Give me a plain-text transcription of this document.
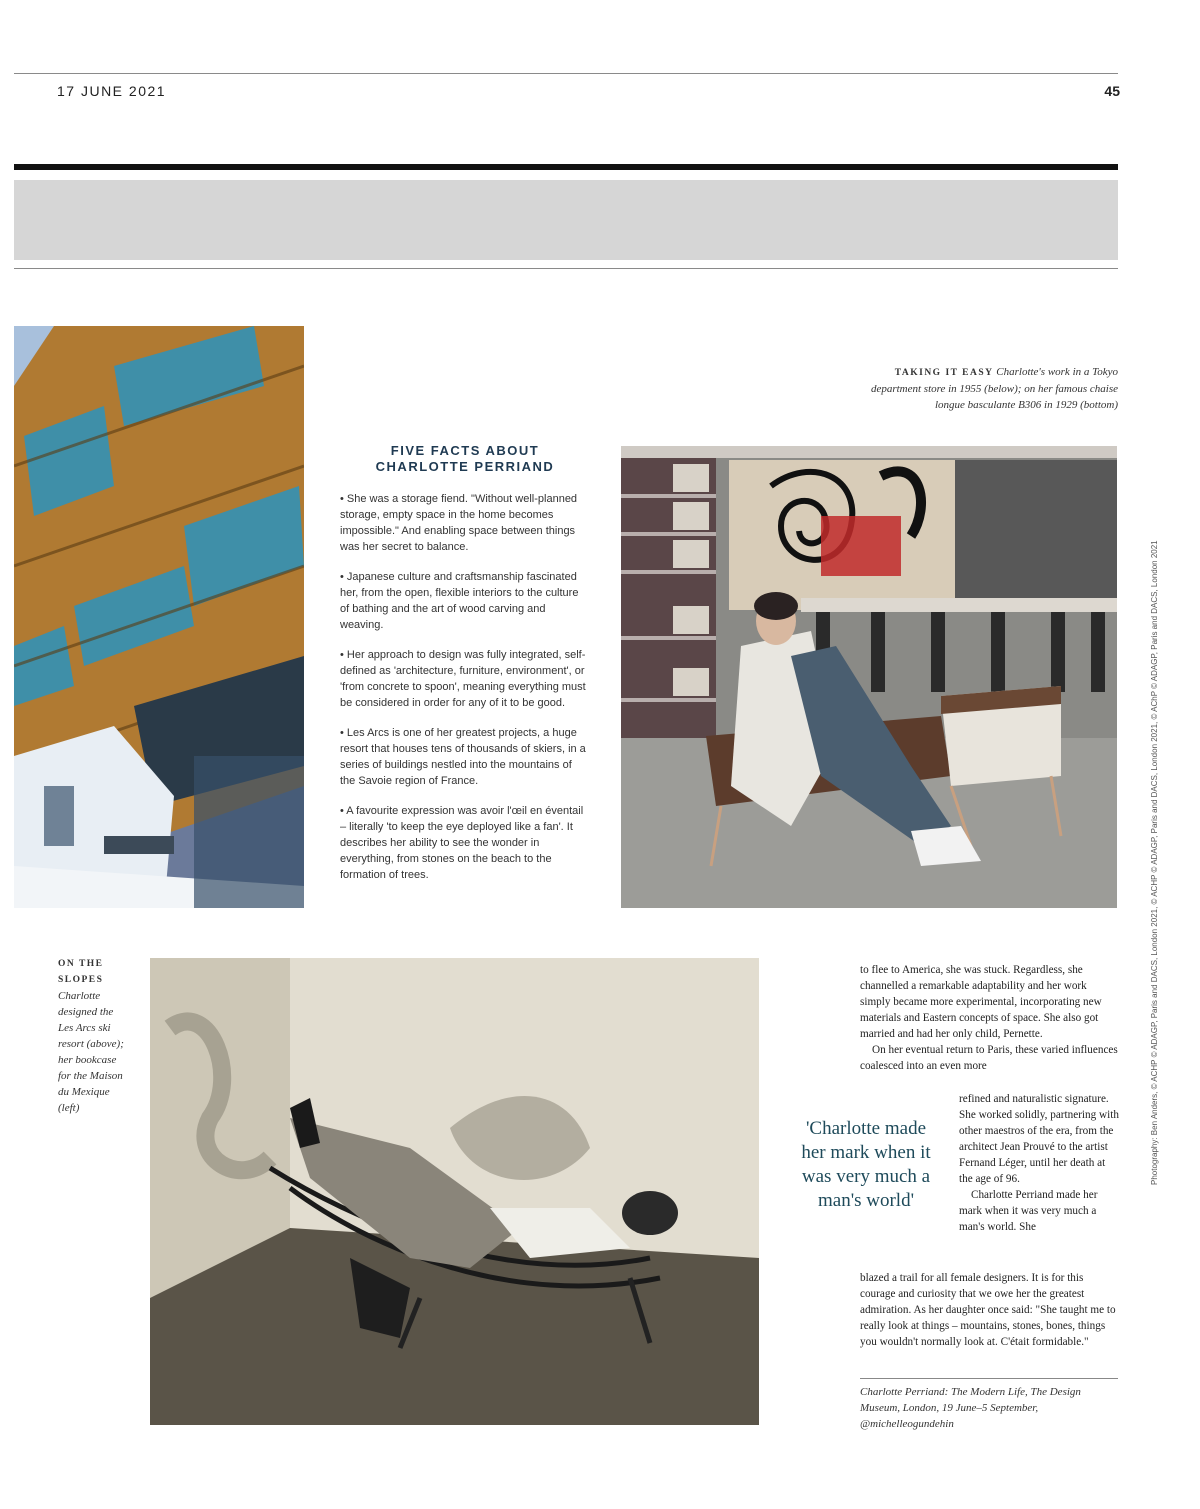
17 JUNE 2021	45
TAKING IT EASY Charlotte's work in a Tokyo department store in 1955 (below); on her famous chaise longue basculante B306 in 1929 (bottom)
FIVE FACTS ABOUT
CHARLOTTE PERRIAND

• She was a storage fiend. "Without well-planned storage, empty space in the home becomes impossible." And enabling space between things was her secret to balance.

• Japanese culture and craftsmanship fascinated her, from the open, flexible interiors to the culture of bathing and the art of wood carving and weaving.

• Her approach to design was fully integrated, self-defined as 'architecture, furniture, environment', or 'from concrete to spoon', meaning everything must be considered in order for any of it to be good.

• Les Arcs is one of her greatest projects, a huge resort that houses tens of thousands of skiers, in a series of buildings nestled into the mountains of the Savoie region of France.

• A favourite expression was avoir l'œil en éventail – literally 'to keep the eye deployed like a fan'. It describes her ability to see the wonder in everything, from stones on the beach to the formation of trees.

ON THE SLOPES
Charlotte designed the Les Arcs ski resort (above); her bookcase for the Maison du Mexique (left)

to flee to America, she was stuck. Regardless, she channelled a remarkable adaptability and her work simply became more experimental, incorporating new materials and Eastern concepts of space. She also got married and had her only child, Pernette.

On her eventual return to Paris, these varied influences coalesced into an even more

refined and naturalistic signature. She worked solidly, partnering with other maestros of the era, from the architect Jean Prouvé to the artist Fernand Léger, until her death at the age of 96.

Charlotte Perriand made her mark when it was very much a man's world. She

blazed a trail for all female designers. It is for this courage and curiosity that we owe her the greatest admiration. As her daughter once said: "She taught me to really look at things – mountains, stones, bones, things you wouldn't normally look at. C'était formidable."

'Charlotte made her mark when it was very much a man's world'
Charlotte Perriand: The Modern Life, The Design Museum, London, 19 June–5 September, @michelleogundehin
Photography: Ben Anders, © ACHP © ADAGP, Paris and DACS, London 2021, © ACHP © ADAGP, Paris and DACS, London 2021, © AChP © ADAGP, Paris and DACS, London 2021
